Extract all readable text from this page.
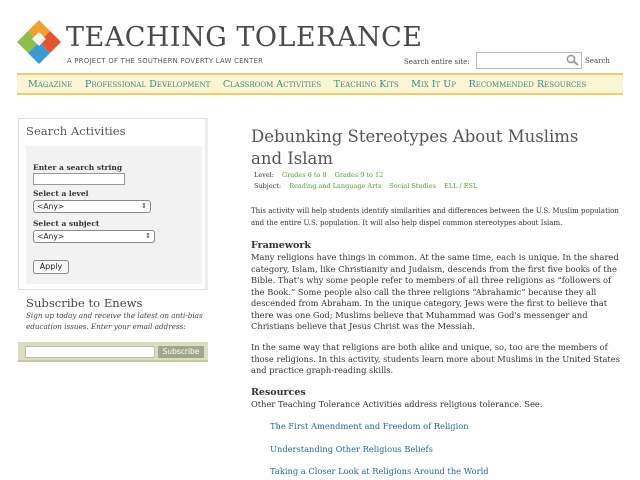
TEACHING TOLERANCE
A PROJECT OF THE SOUTHERN POVERTY LAW CENTER	Search entire site:	Search
Magazine Professional Development Classroom Activities Teaching Kits Mix It Up Recommended Resources
Search Activities
Enter a search string
Select a level
<Any>	⇕
Select a subject
<Any>	⇕
Apply
Subscribe to Enews
Sign up today and receive the latest on anti-bias education issues. Enter your email address:
Subscribe
Debunking Stereotypes About Muslims and Islam
Level: Grades 6 to 8 Grades 9 to 12
Subject: Reading and Language Arts Social Studies ELL / ESL
This activity will help students identify similarities and differences between the U.S. Muslim population and the entire U.S. population. It will also help dispel common stereotypes about Islam.
Framework
Many religions have things in common. At the same time, each is unique. In the shared category, Islam, like Christianity and Judaism, descends from the first five books of the Bible. That's why some people refer to members of all three religions as “followers of the Book.” Some people also call the three religions “Abrahamic” because they all descended from Abraham. In the unique category, Jews were the first to believe that there was one God; Muslims believe that Muhammad was God's messenger and Christians believe that Jesus Christ was the Messiah.
In the same way that religions are both alike and unique, so, too are the members of those religions. In this activity, students learn more about Muslims in the United States and practice graph-reading skills.
Resources
Other Teaching Tolerance Activities address religious tolerance. See:
The First Amendment and Freedom of Religion
Understanding Other Religious Beliefs
Taking a Closer Look at Religions Around the World
